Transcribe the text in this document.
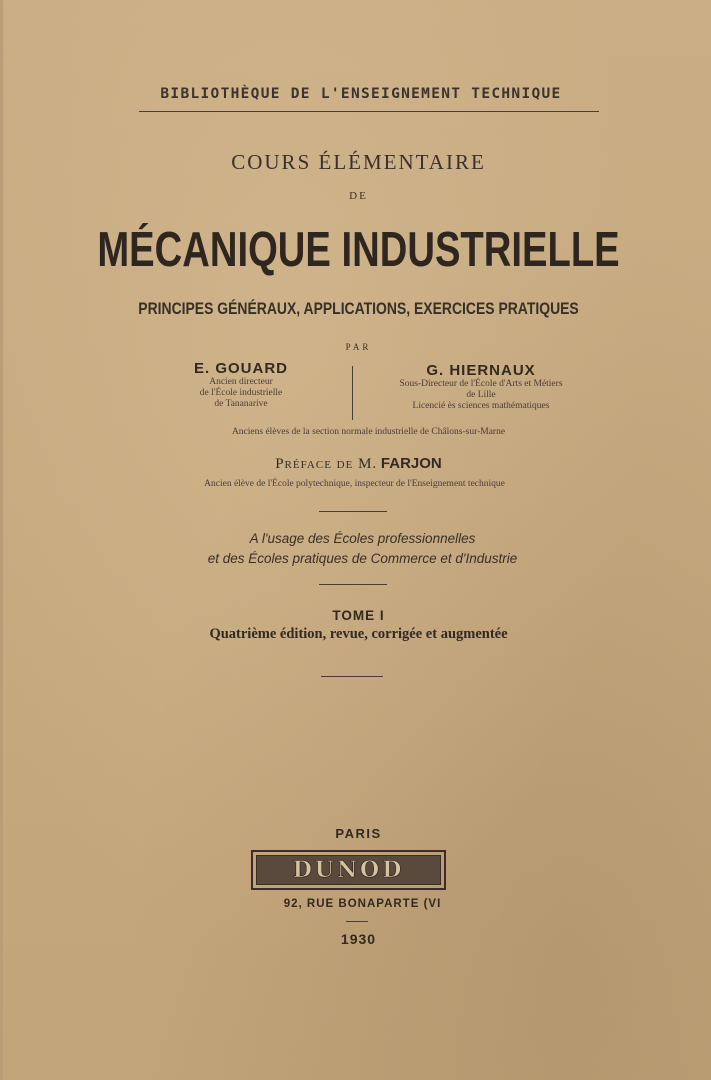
BIBLIOTHÈQUE DE L'ENSEIGNEMENT TECHNIQUE
COURS ÉLÉMENTAIRE
DE
MÉCANIQUE INDUSTRIELLE
PRINCIPES GÉNÉRAUX, APPLICATIONS, EXERCICES PRATIQUES
PAR
E. GOUARD
Ancien directeur
de l'École industrielle
de Tananarive
G. HIERNAUX
Sous-Directeur de l'École d'Arts et Métiers
de Lille
Licencié ès sciences mathématiques
Anciens élèves de la section normale industrielle de Châlons-sur-Marne
Préface de M. FARJON
Ancien élève de l'École polytechnique, inspecteur de l'Enseignement technique
A l'usage des Écoles professionnelles
et des Écoles pratiques de Commerce et d'Industrie
TOME I
Quatrième édition, revue, corrigée et augmentée
PARIS
DUNOD
92, RUE BONAPARTE (VI
1930
